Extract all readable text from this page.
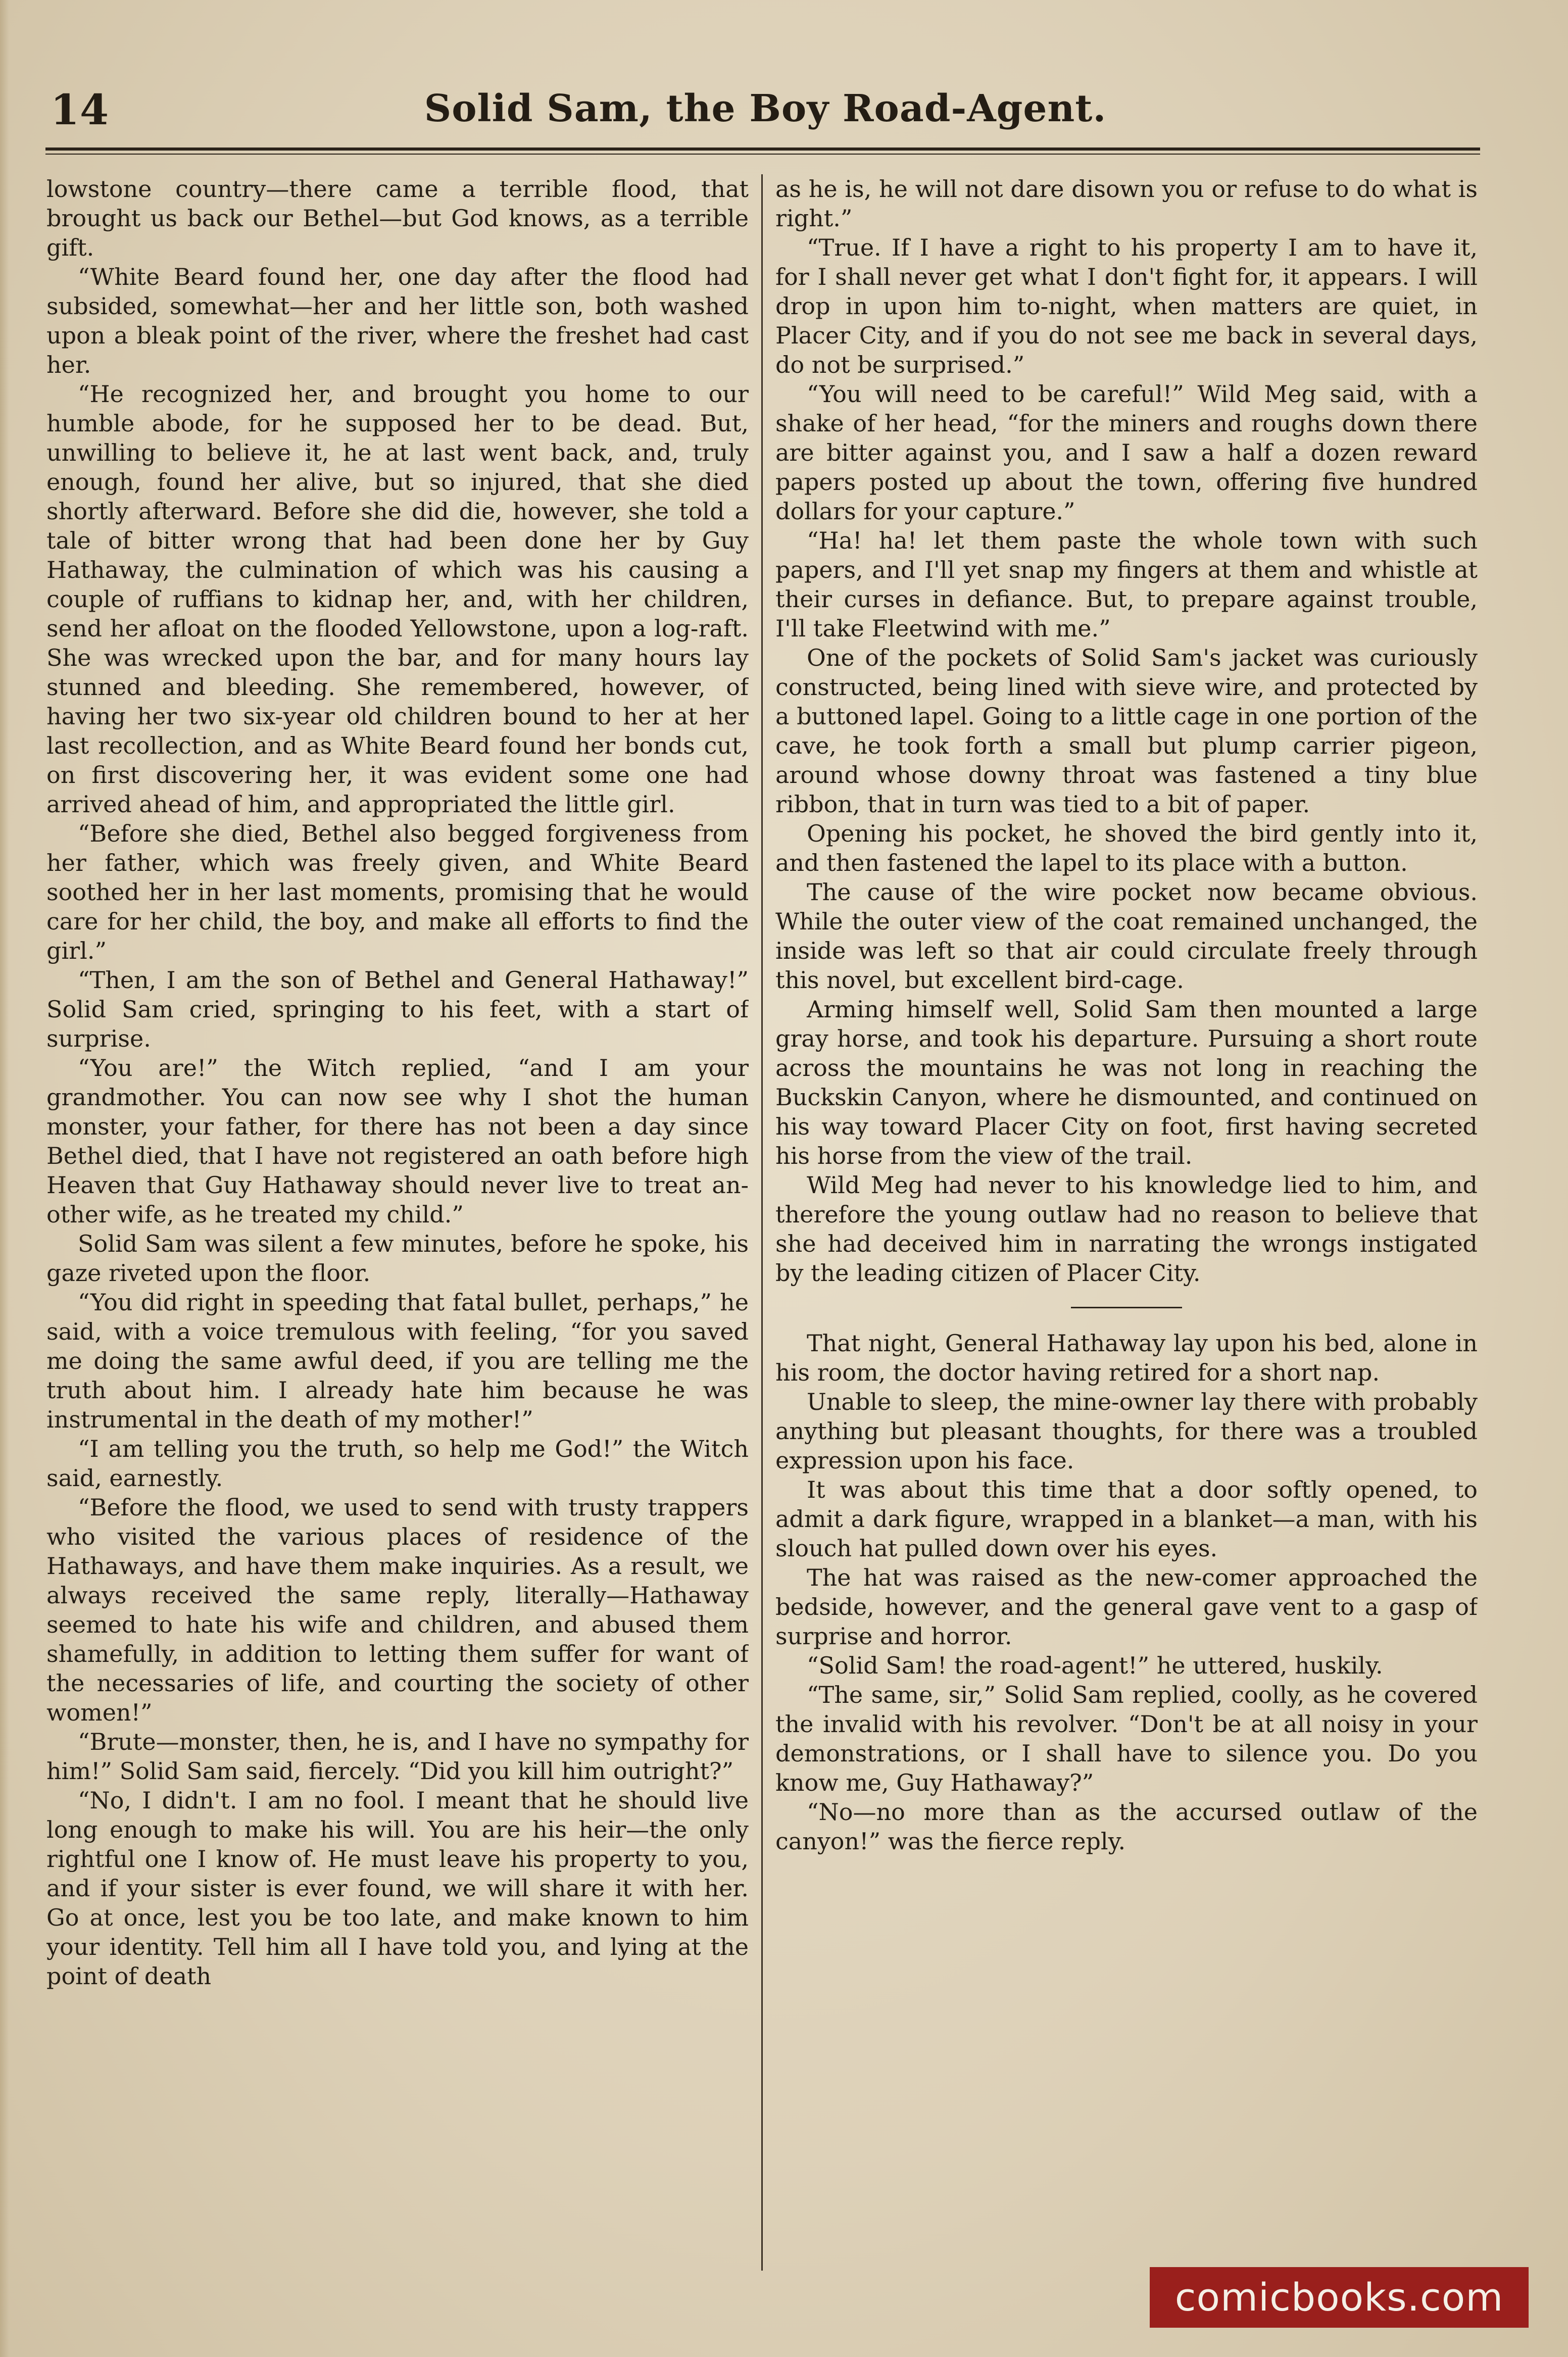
14	Solid Sam, the Boy Road-Agent.

lowstone country—there came a terrible flood, that brought us back our Bethel—but God knows, as a terrible gift.

“White Beard found her, one day after the flood had subsided, somewhat—her and her little son, both washed upon a bleak point of the river, where the freshet had cast her.

“He recognized her, and brought you home to our humble abode, for he supposed her to be dead. But, unwilling to believe it, he at last went back, and, truly enough, found her alive, but so injured, that she died shortly afterward. Before she did die, however, she told a tale of bitter wrong that had been done her by Guy Hathaway, the culmination of which was his causing a couple of ruffians to kidnap her, and, with her children, send her afloat on the flooded Yellowstone, upon a log-raft. She was wrecked upon the bar, and for many hours lay stunned and bleeding. She remembered, however, of having her two six-year old children bound to her at her last recollection, and as White Beard found her bonds cut, on first discovering her, it was evident some one had arrived ahead of him, and appropriated the little girl.

“Before she died, Bethel also begged forgiveness from her father, which was freely given, and White Beard soothed her in her last moments, promising that he would care for her child, the boy, and make all efforts to find the girl.”

“Then, I am the son of Bethel and General Hathaway!” Solid Sam cried, springing to his feet, with a start of surprise.

“You are!” the Witch replied, “and I am your grandmother. You can now see why I shot the human monster, your father, for there has not been a day since Bethel died, that I have not registered an oath before high Heaven that Guy Hathaway should never live to treat another wife, as he treated my child.”

Solid Sam was silent a few minutes, before he spoke, his gaze riveted upon the floor.

“You did right in speeding that fatal bullet, perhaps,” he said, with a voice tremulous with feeling, “for you saved me doing the same awful deed, if you are telling me the truth about him. I already hate him because he was instrumental in the death of my mother!”

“I am telling you the truth, so help me God!” the Witch said, earnestly.

“Before the flood, we used to send with trusty trappers who visited the various places of residence of the Hathaways, and have them make inquiries. As a result, we always received the same reply, literally—Hathaway seemed to hate his wife and children, and abused them shamefully, in addition to letting them suffer for want of the necessaries of life, and courting the society of other women!”

“Brute—monster, then, he is, and I have no sympathy for him!” Solid Sam said, fiercely. “Did you kill him outright?”

“No, I didn't. I am no fool. I meant that he should live long enough to make his will. You are his heir—the only rightful one I know of. He must leave his property to you, and if your sister is ever found, we will share it with her. Go at once, lest you be too late, and make known to him your identity. Tell him all I have told you, and lying at the point of death

as he is, he will not dare disown you or refuse to do what is right.”

“True. If I have a right to his property I am to have it, for I shall never get what I don't fight for, it appears. I will drop in upon him to-night, when matters are quiet, in Placer City, and if you do not see me back in several days, do not be surprised.”

“You will need to be careful!” Wild Meg said, with a shake of her head, “for the miners and roughs down there are bitter against you, and I saw a half a dozen reward papers posted up about the town, offering five hundred dollars for your capture.”

“Ha! ha! let them paste the whole town with such papers, and I'll yet snap my fingers at them and whistle at their curses in defiance. But, to prepare against trouble, I'll take Fleetwind with me.”

One of the pockets of Solid Sam's jacket was curiously constructed, being lined with sieve wire, and protected by a buttoned lapel. Going to a little cage in one portion of the cave, he took forth a small but plump carrier pigeon, around whose downy throat was fastened a tiny blue ribbon, that in turn was tied to a bit of paper.

Opening his pocket, he shoved the bird gently into it, and then fastened the lapel to its place with a button.

The cause of the wire pocket now became obvious. While the outer view of the coat remained unchanged, the inside was left so that air could circulate freely through this novel, but excellent bird-cage.

Arming himself well, Solid Sam then mounted a large gray horse, and took his departure. Pursuing a short route across the mountains he was not long in reaching the Buckskin Canyon, where he dismounted, and continued on his way toward Placer City on foot, first having secreted his horse from the view of the trail.

Wild Meg had never to his knowledge lied to him, and therefore the young outlaw had no reason to believe that she had deceived him in narrating the wrongs instigated by the leading citizen of Placer City.

That night, General Hathaway lay upon his bed, alone in his room, the doctor having retired for a short nap.

Unable to sleep, the mine-owner lay there with probably anything but pleasant thoughts, for there was a troubled expression upon his face.

It was about this time that a door softly opened, to admit a dark figure, wrapped in a blanket—a man, with his slouch hat pulled down over his eyes.

The hat was raised as the new-comer approached the bedside, however, and the general gave vent to a gasp of surprise and horror.

“Solid Sam! the road-agent!” he uttered, huskily.

“The same, sir,” Solid Sam replied, coolly, as he covered the invalid with his revolver. “Don't be at all noisy in your demonstrations, or I shall have to silence you. Do you know me, Guy Hathaway?”

“No—no more than as the accursed outlaw of the canyon!” was the fierce reply.

comicbooks.com
